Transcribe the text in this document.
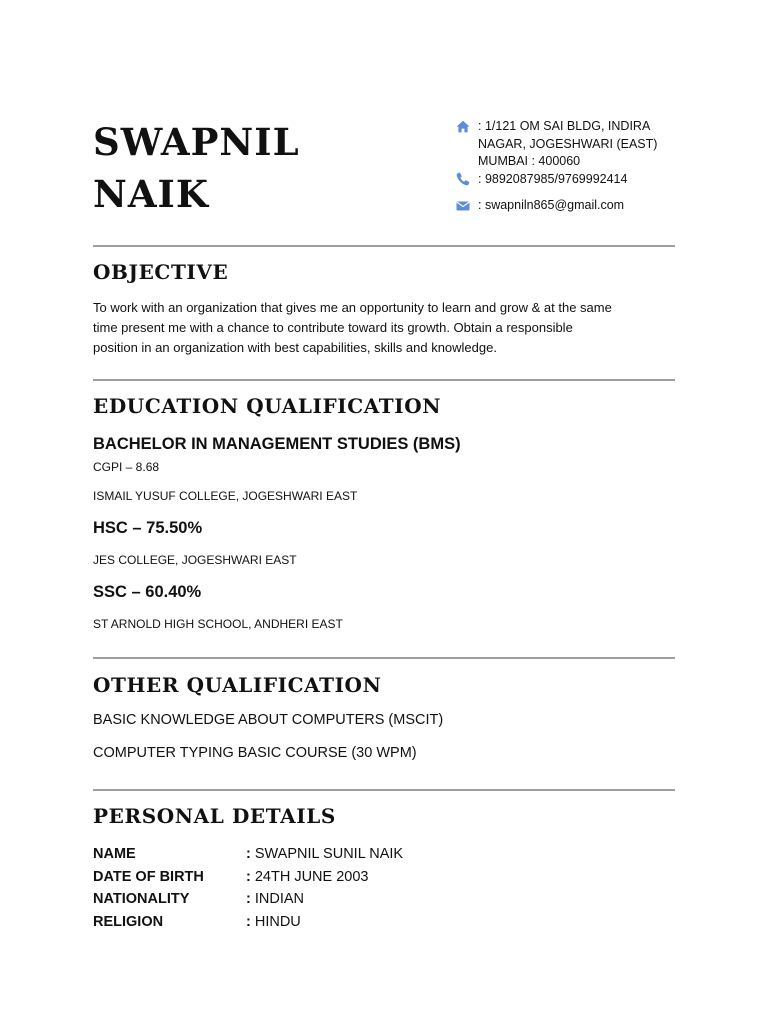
SWAPNIL
NAIK
: 1/121 OM SAI BLDG, INDIRA
NAGAR, JOGESHWARI (EAST)
MUMBAI : 400060
: 9892087985/9769992414
: swapniln865@gmail.com
OBJECTIVE
To work with an organization that gives me an opportunity to learn and grow & at the same
time present me with a chance to contribute toward its growth. Obtain a responsible
position in an organization with best capabilities, skills and knowledge.
EDUCATION QUALIFICATION
BACHELOR IN MANAGEMENT STUDIES (BMS)
CGPI – 8.68
ISMAIL YUSUF COLLEGE, JOGESHWARI EAST
HSC – 75.50%
JES COLLEGE, JOGESHWARI EAST
SSC – 60.40%
ST ARNOLD HIGH SCHOOL, ANDHERI EAST
OTHER QUALIFICATION
BASIC KNOWLEDGE ABOUT COMPUTERS (MSCIT)
COMPUTER TYPING BASIC COURSE (30 WPM)
PERSONAL DETAILS
NAME	: SWAPNIL SUNIL NAIK
DATE OF BIRTH	: 24TH JUNE 2003
NATIONALITY	: INDIAN
RELIGION	: HINDU
